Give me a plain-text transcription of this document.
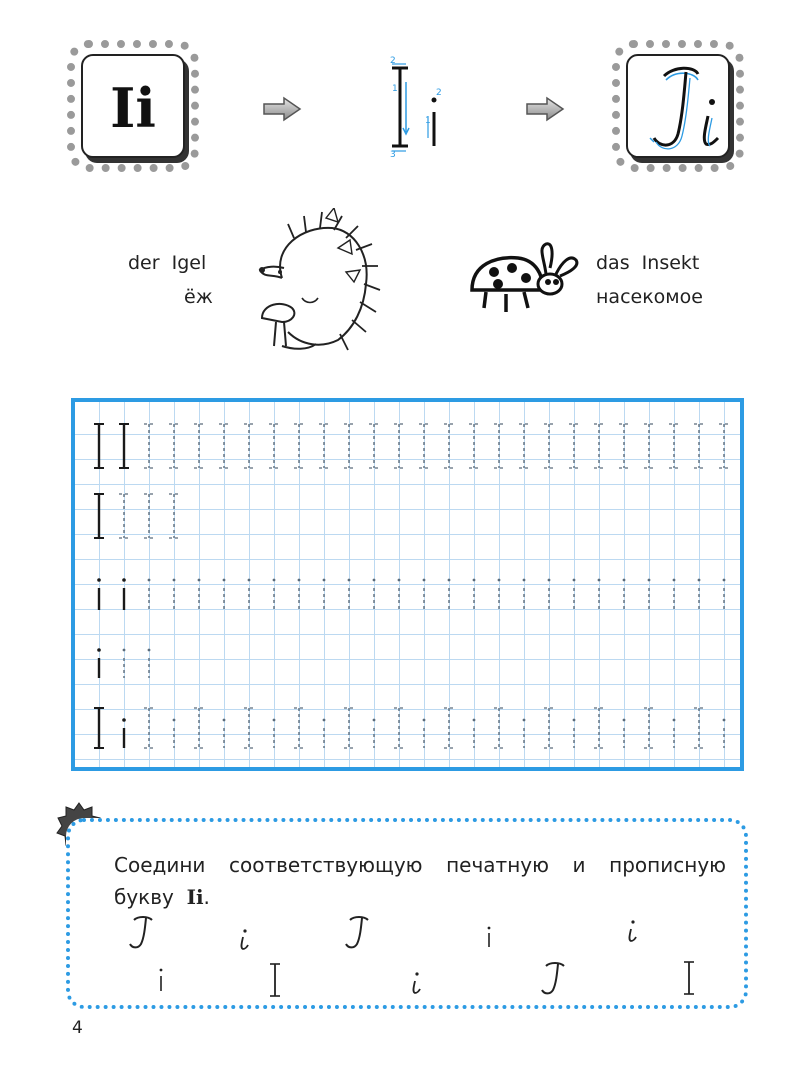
Ii
2
1
3
2
1
der  Igel
ёж
das  Insekt
насекомое
Соедини соответствующую печатную и прописную
букву  Ii.
4
